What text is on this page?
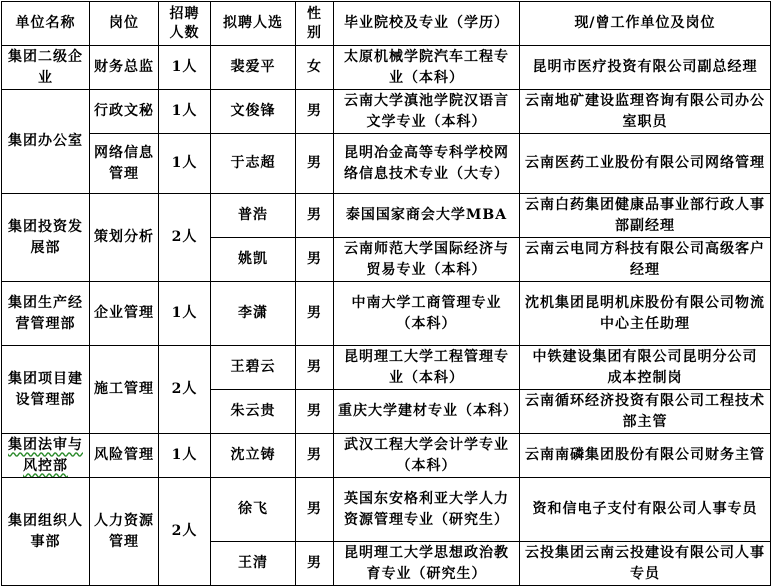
单位名称	岗位	招聘人数	拟聘人选	性别	毕业院校及专业（学历）	现/曾工作单位及岗位
集团二级企业	财务总监	1人	裴爱平	女	太原机械学院汽车工程专业（本科）	昆明市医疗投资有限公司副总经理
集团办公室	行政文秘	1人	文俊锋	男	云南大学滇池学院汉语言文学专业（本科）	云南地矿建设监理咨询有限公司办公室职员
	网络信息管理	1人	于志超	男	昆明冶金高等专科学校网络信息技术专业（大专）	云南医药工业股份有限公司网络管理
集团投资发展部	策划分析	2人	普浩	男	泰国国家商会大学MBA	云南白药集团健康品事业部行政人事部副经理
			姚凯	男	云南师范大学国际经济与贸易专业（本科）	云南云电同方科技有限公司高级客户经理
集团生产经营管理部	企业管理	1人	李潇	男	中南大学工商管理专业（本科）	沈机集团昆明机床股份有限公司物流中心主任助理
集团项目建设管理部	施工管理	2人	王碧云	男	昆明理工大学工程管理专业（本科）	中铁建设集团有限公司昆明分公司 成本控制岗
			朱云贵	男	重庆大学建材专业（本科）	云南循环经济投资有限公司工程技术部主管
集团法审与风控部	风险管理	1人	沈立铸	男	武汉工程大学会计学专业（本科）	云南南磷集团股份有限公司财务主管
集团组织人事部	人力资源管理	2人	徐飞	男	英国东安格利亚大学人力资源管理专业（研究生）	资和信电子支付有限公司人事专员
			王清	男	昆明理工大学思想政治教育专业（研究生）	云投集团云南云投建设有限公司人事专员
